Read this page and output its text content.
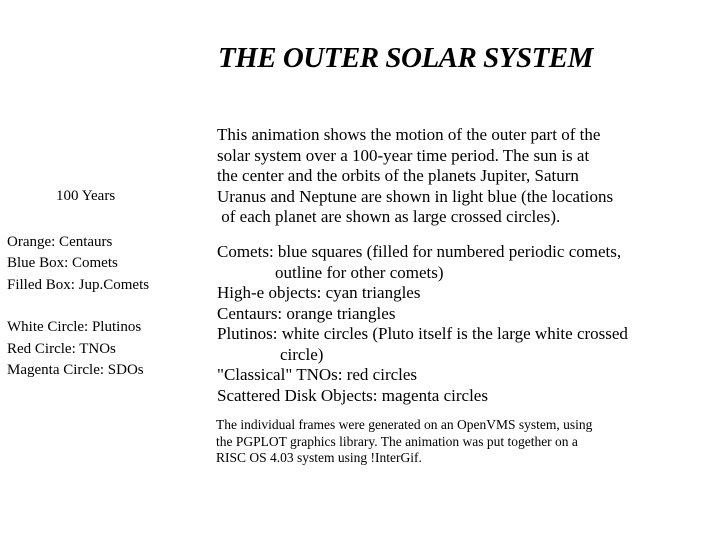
THE OUTER SOLAR SYSTEM
100 Years
Orange: Centaurs
Blue Box: Comets
Filled Box: Jup.Comets
White Circle: Plutinos
Red Circle: TNOs
Magenta Circle: SDOs
This animation shows the motion of the outer part of the
solar system over a 100-year time period. The sun is at
the center and the orbits of the planets Jupiter, Saturn
Uranus and Neptune are shown in light blue (the locations
of each planet are shown as large crossed circles).
Comets: blue squares (filled for numbered periodic comets,
outline for other comets)
High-e objects: cyan triangles
Centaurs: orange triangles
Plutinos: white circles (Pluto itself is the large white crossed
circle)
"Classical" TNOs: red circles
Scattered Disk Objects: magenta circles
The individual frames were generated on an OpenVMS system, using
the PGPLOT graphics library. The animation was put together on a
RISC OS 4.03 system using !InterGif.
